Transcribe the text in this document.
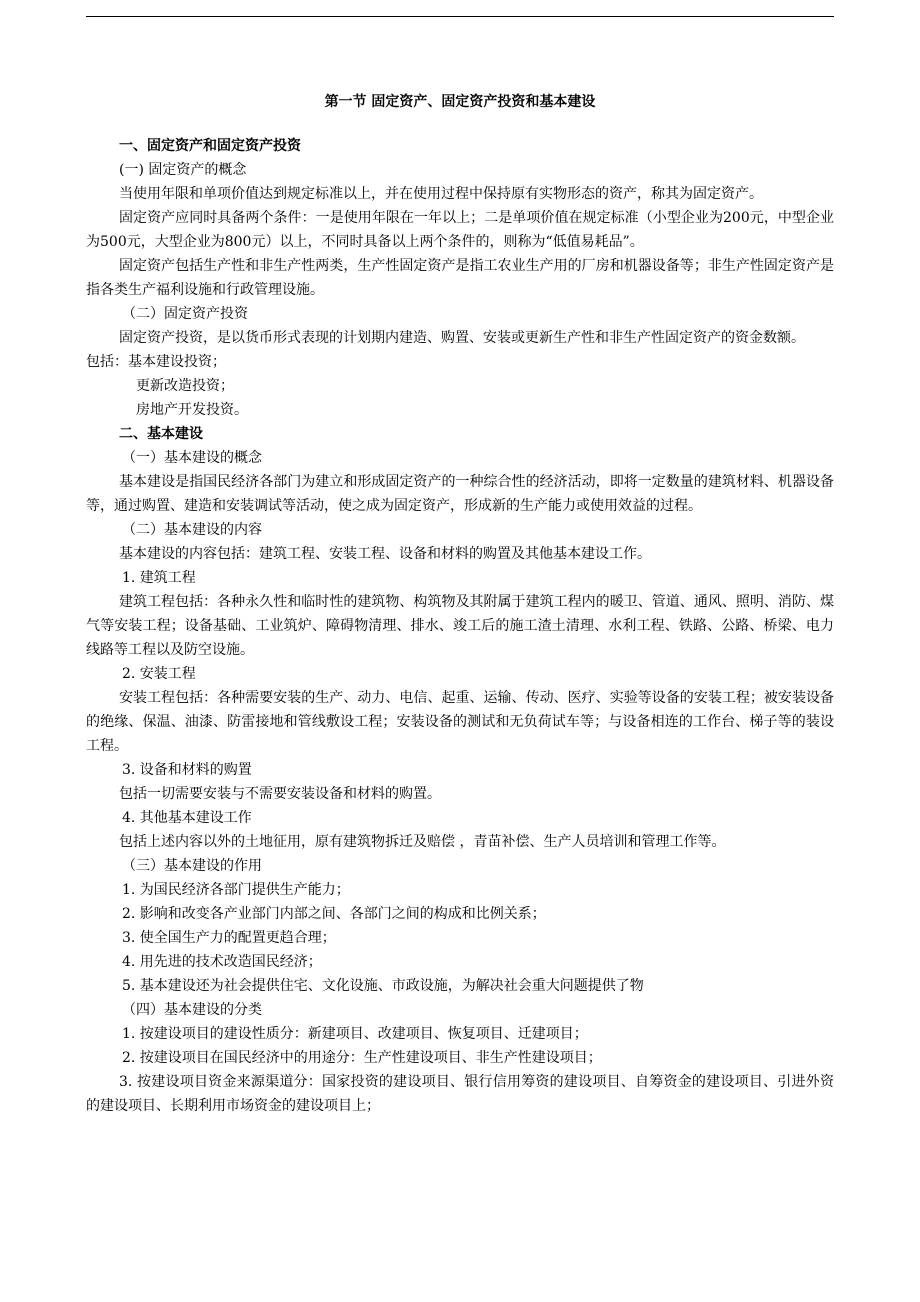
第一节 固定资产、固定资产投资和基本建设

一、固定资产和固定资产投资

(一) 固定资产的概念

当使用年限和单项价值达到规定标准以上，并在使用过程中保持原有实物形态的资产，称其为固定资产。

固定资产应同时具备两个条件：一是使用年限在一年以上；二是单项价值在规定标准（小型企业为200元，中型企业为500元，大型企业为800元）以上，不同时具备以上两个条件的，则称为“低值易耗品”。

固定资产包括生产性和非生产性两类，生产性固定资产是指工农业生产用的厂房和机器设备等；非生产性固定资产是指各类生产福利设施和行政管理设施。

（二）固定资产投资

固定资产投资，是以货币形式表现的计划期内建造、购置、安装或更新生产性和非生产性固定资产的资金数额。

包括：基本建设投资；

更新改造投资；

房地产开发投资。

二、基本建设

（一）基本建设的概念

基本建设是指国民经济各部门为建立和形成固定资产的一种综合性的经济活动，即将一定数量的建筑材料、机器设备等，通过购置、建造和安装调试等活动，使之成为固定资产，形成新的生产能力或使用效益的过程。

（二）基本建设的内容

基本建设的内容包括：建筑工程、安装工程、设备和材料的购置及其他基本建设工作。

1. 建筑工程

建筑工程包括：各种永久性和临时性的建筑物、构筑物及其附属于建筑工程内的暖卫、管道、通风、照明、消防、煤气等安装工程；设备基础、工业筑炉、障碍物清理、排水、竣工后的施工渣土清理、水利工程、铁路、公路、桥梁、电力线路等工程以及防空设施。

2. 安装工程

安装工程包括：各种需要安装的生产、动力、电信、起重、运输、传动、医疗、实验等设备的安装工程；被安装设备的绝缘、保温、油漆、防雷接地和管线敷设工程；安装设备的测试和无负荷试车等；与设备相连的工作台、梯子等的装设工程。

3. 设备和材料的购置

包括一切需要安装与不需要安装设备和材料的购置。

4. 其他基本建设工作

包括上述内容以外的土地征用，原有建筑物拆迁及赔偿 ，青苗补偿、生产人员培训和管理工作等。

（三）基本建设的作用

1. 为国民经济各部门提供生产能力；

2. 影响和改变各产业部门内部之间、各部门之间的构成和比例关系；

3. 使全国生产力的配置更趋合理；

4. 用先进的技术改造国民经济；

5. 基本建设还为社会提供住宅、文化设施、市政设施，为解决社会重大问题提供了物

（四）基本建设的分类

1. 按建设项目的建设性质分：新建项目、改建项目、恢复项目、迁建项目；

2. 按建设项目在国民经济中的用途分：生产性建设项目、非生产性建设项目；

3. 按建设项目资金来源渠道分：国家投资的建设项目、银行信用筹资的建设项目、自筹资金的建设项目、引进外资的建设项目、长期利用市场资金的建设项目上；
